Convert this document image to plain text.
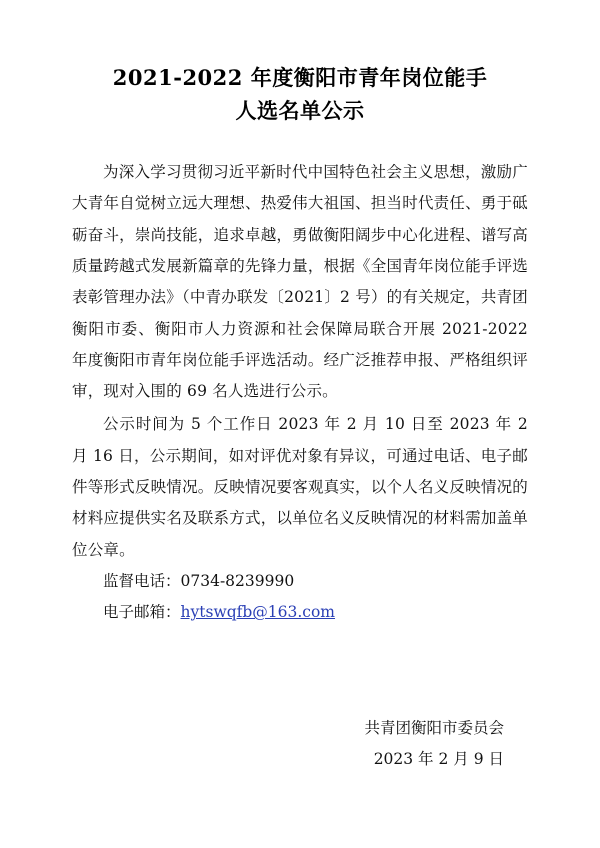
2021-2022 年度衡阳市青年岗位能手
人选名单公示

为深入学习贯彻习近平新时代中国特色社会主义思想，激励广大青年自觉树立远大理想、热爱伟大祖国、担当时代责任、勇于砥砺奋斗，崇尚技能，追求卓越，勇做衡阳阔步中心化进程、谱写高质量跨越式发展新篇章的先锋力量，根据《全国青年岗位能手评选表彰管理办法》（中青办联发〔2021〕2 号）的有关规定，共青团衡阳市委、衡阳市人力资源和社会保障局联合开展 2021-2022 年度衡阳市青年岗位能手评选活动。经广泛推荐申报、严格组织评审，现对入围的 69 名人选进行公示。

公示时间为 5 个工作日 2023 年 2 月 10 日至 2023 年 2 月 16 日，公示期间，如对评优对象有异议，可通过电话、电子邮件等形式反映情况。反映情况要客观真实，以个人名义反映情况的材料应提供实名及联系方式，以单位名义反映情况的材料需加盖单位公章。

监督电话：0734-8239990

电子邮箱：hytswqfb@163.com

共青团衡阳市委员会
2023 年 2 月 9 日
